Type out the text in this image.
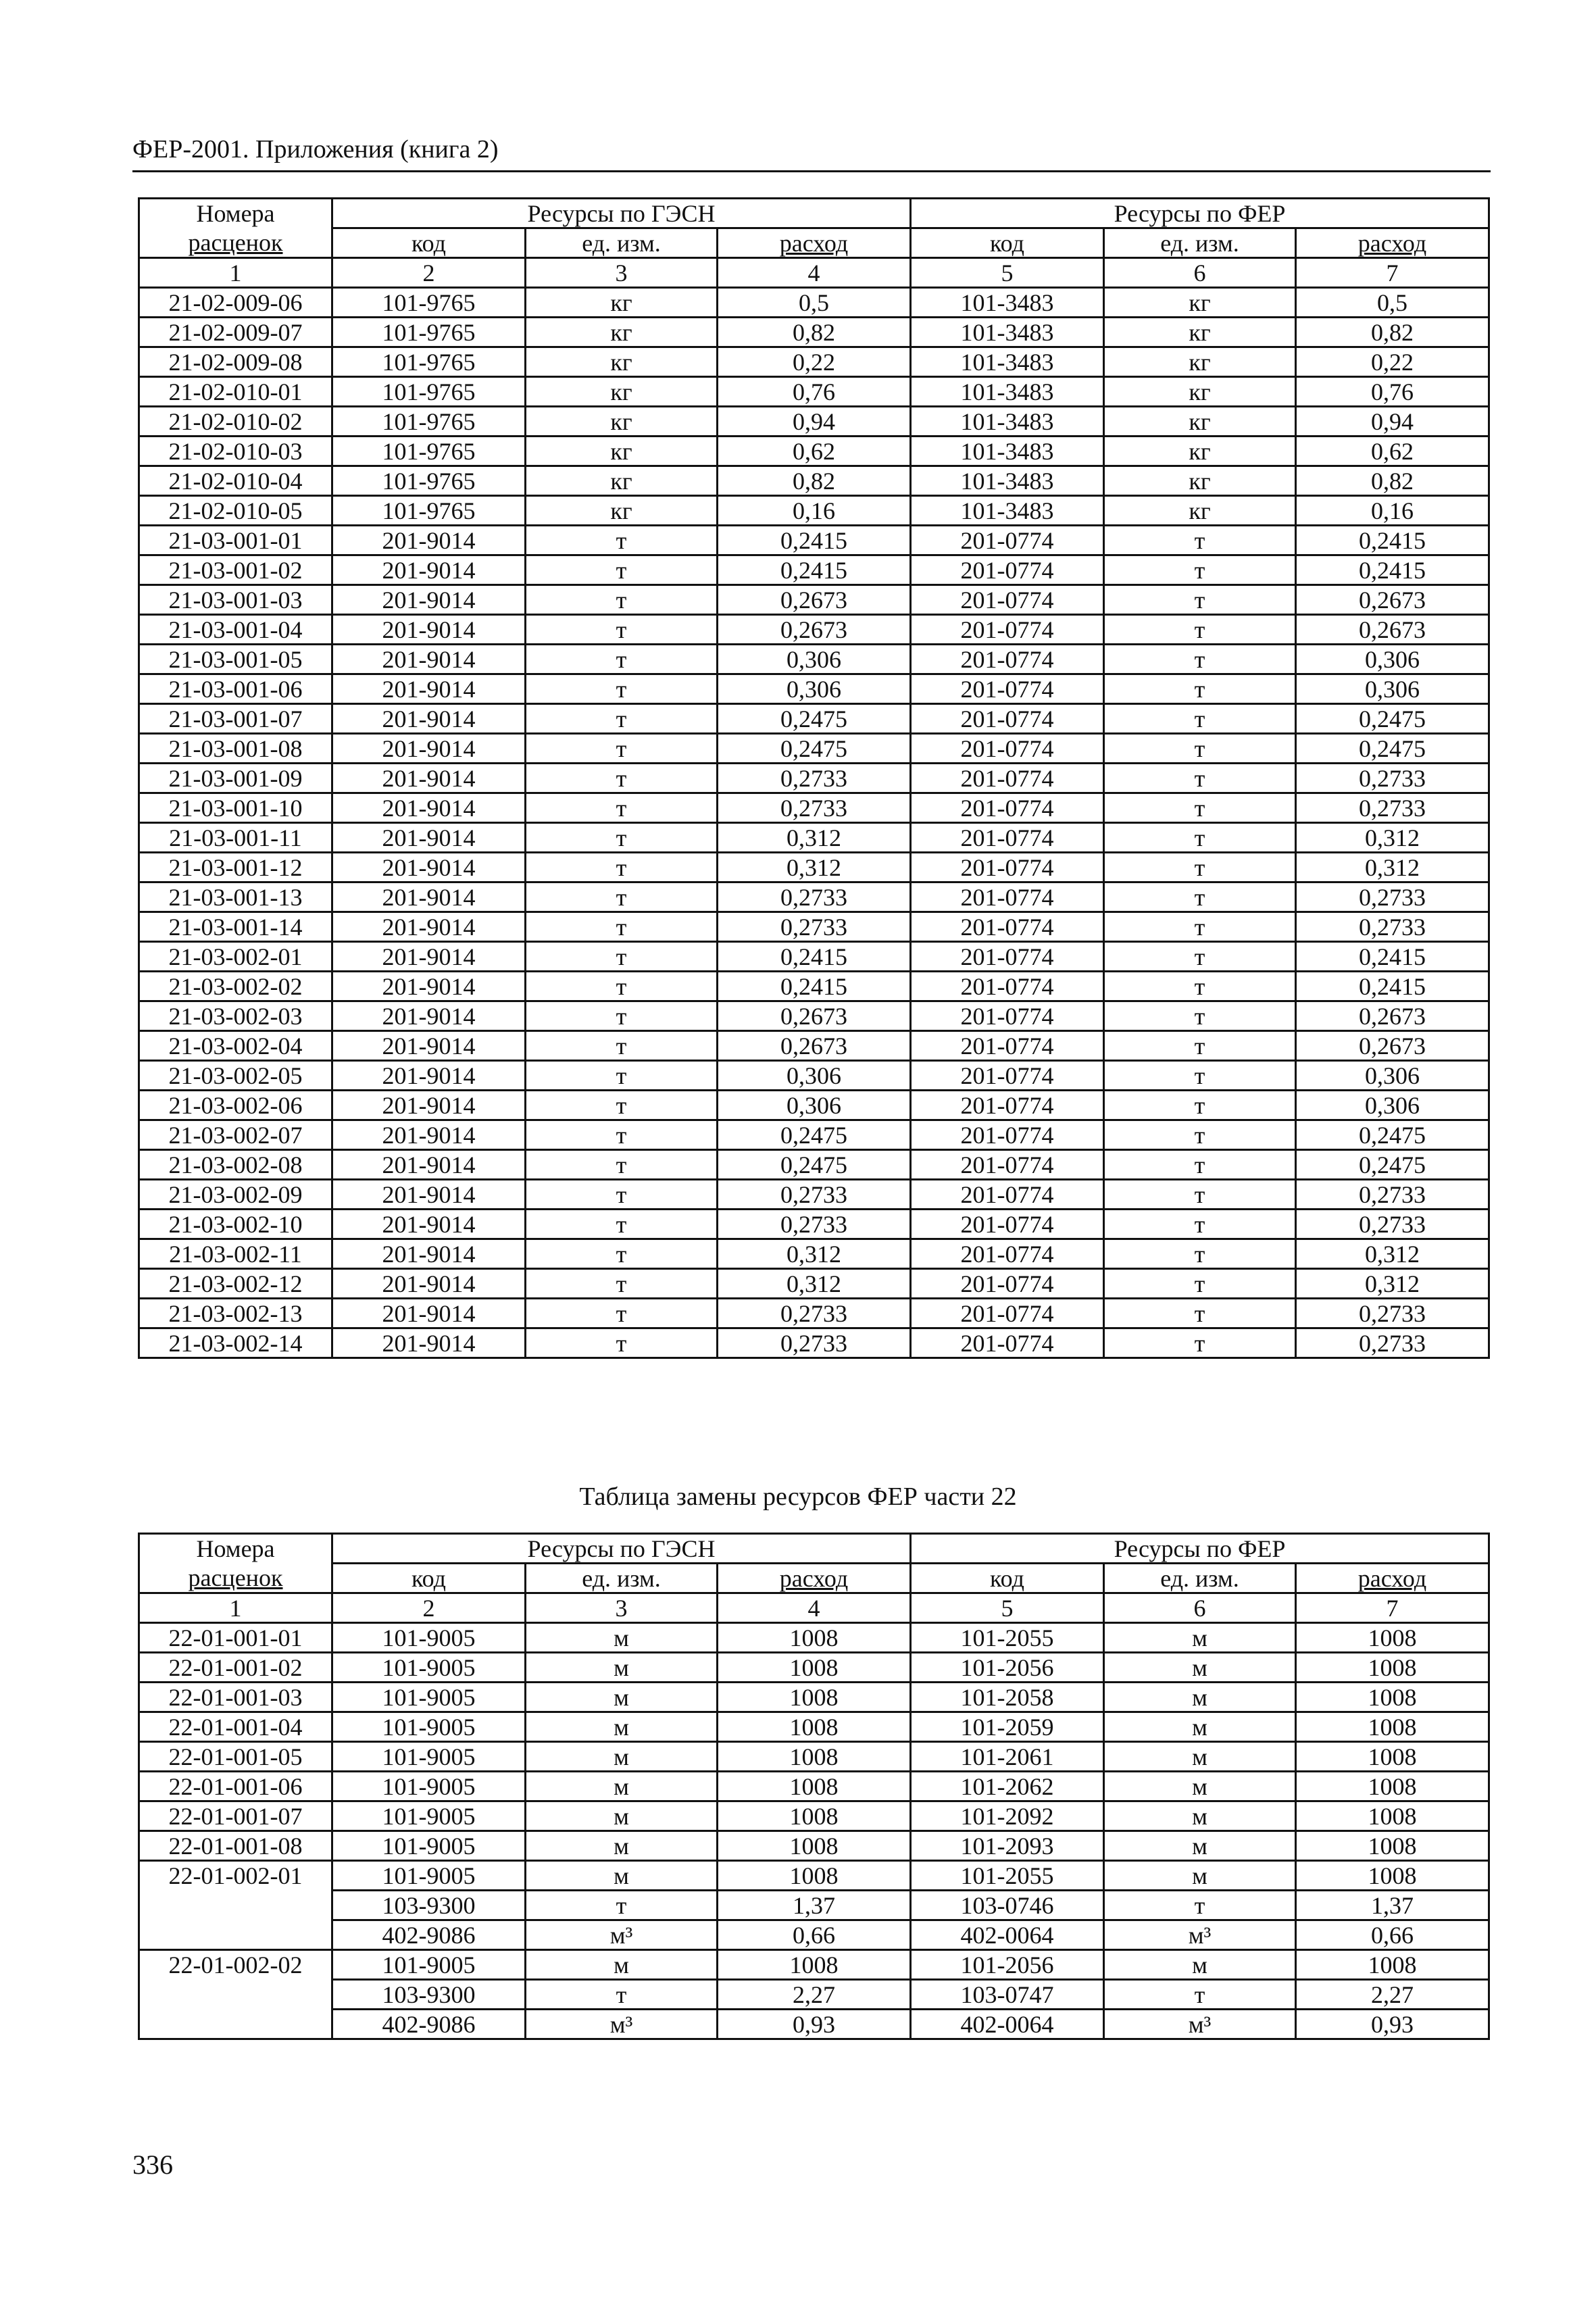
ФЕР-2001. Приложения (книга 2)
Номера	Ресурсы по ГЭСН			Ресурсы по ФЕР		
расценок	код	ед. изм.	расход	код	ед. изм.	расход
1	2	3	4	5	6	7
21-02-009-06	101-9765	кг	0,5	101-3483	кг	0,5
21-02-009-07	101-9765	кг	0,82	101-3483	кг	0,82
21-02-009-08	101-9765	кг	0,22	101-3483	кг	0,22
21-02-010-01	101-9765	кг	0,76	101-3483	кг	0,76
21-02-010-02	101-9765	кг	0,94	101-3483	кг	0,94
21-02-010-03	101-9765	кг	0,62	101-3483	кг	0,62
21-02-010-04	101-9765	кг	0,82	101-3483	кг	0,82
21-02-010-05	101-9765	кг	0,16	101-3483	кг	0,16
21-03-001-01	201-9014	т	0,2415	201-0774	т	0,2415
21-03-001-02	201-9014	т	0,2415	201-0774	т	0,2415
21-03-001-03	201-9014	т	0,2673	201-0774	т	0,2673
21-03-001-04	201-9014	т	0,2673	201-0774	т	0,2673
21-03-001-05	201-9014	т	0,306	201-0774	т	0,306
21-03-001-06	201-9014	т	0,306	201-0774	т	0,306
21-03-001-07	201-9014	т	0,2475	201-0774	т	0,2475
21-03-001-08	201-9014	т	0,2475	201-0774	т	0,2475
21-03-001-09	201-9014	т	0,2733	201-0774	т	0,2733
21-03-001-10	201-9014	т	0,2733	201-0774	т	0,2733
21-03-001-11	201-9014	т	0,312	201-0774	т	0,312
21-03-001-12	201-9014	т	0,312	201-0774	т	0,312
21-03-001-13	201-9014	т	0,2733	201-0774	т	0,2733
21-03-001-14	201-9014	т	0,2733	201-0774	т	0,2733
21-03-002-01	201-9014	т	0,2415	201-0774	т	0,2415
21-03-002-02	201-9014	т	0,2415	201-0774	т	0,2415
21-03-002-03	201-9014	т	0,2673	201-0774	т	0,2673
21-03-002-04	201-9014	т	0,2673	201-0774	т	0,2673
21-03-002-05	201-9014	т	0,306	201-0774	т	0,306
21-03-002-06	201-9014	т	0,306	201-0774	т	0,306
21-03-002-07	201-9014	т	0,2475	201-0774	т	0,2475
21-03-002-08	201-9014	т	0,2475	201-0774	т	0,2475
21-03-002-09	201-9014	т	0,2733	201-0774	т	0,2733
21-03-002-10	201-9014	т	0,2733	201-0774	т	0,2733
21-03-002-11	201-9014	т	0,312	201-0774	т	0,312
21-03-002-12	201-9014	т	0,312	201-0774	т	0,312
21-03-002-13	201-9014	т	0,2733	201-0774	т	0,2733
21-03-002-14	201-9014	т	0,2733	201-0774	т	0,2733
Таблица замены ресурсов ФЕР части 22
Номера	Ресурсы по ГЭСН			Ресурсы по ФЕР		
расценок	код	ед. изм.	расход	код	ед. изм.	расход
1	2	3	4	5	6	7
22-01-001-01	101-9005	м	1008	101-2055	м	1008
22-01-001-02	101-9005	м	1008	101-2056	м	1008
22-01-001-03	101-9005	м	1008	101-2058	м	1008
22-01-001-04	101-9005	м	1008	101-2059	м	1008
22-01-001-05	101-9005	м	1008	101-2061	м	1008
22-01-001-06	101-9005	м	1008	101-2062	м	1008
22-01-001-07	101-9005	м	1008	101-2092	м	1008
22-01-001-08	101-9005	м	1008	101-2093	м	1008
22-01-002-01	101-9005	м	1008	101-2055	м	1008
	103-9300	т	1,37	103-0746	т	1,37
	402-9086	м³	0,66	402-0064	м³	0,66
22-01-002-02	101-9005	м	1008	101-2056	м	1008
	103-9300	т	2,27	103-0747	т	2,27
	402-9086	м³	0,93	402-0064	м³	0,93
336
